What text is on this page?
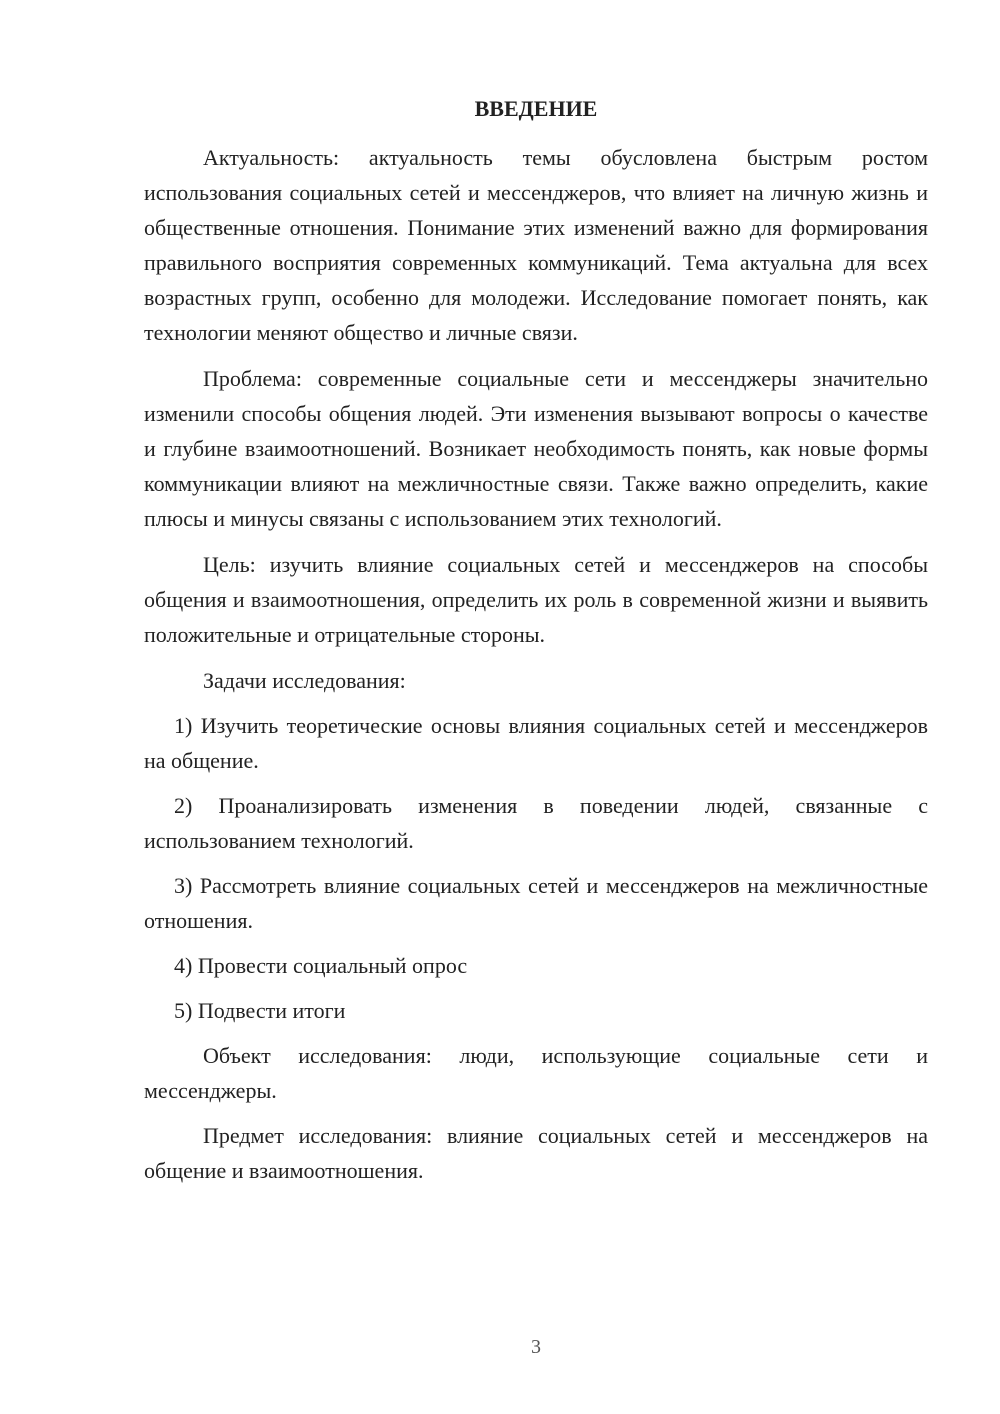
ВВЕДЕНИЕ

Актуальность: актуальность темы обусловлена быстрым ростом использования социальных сетей и мессенджеров, что влияет на личную жизнь и общественные отношения. Понимание этих изменений важно для формирования правильного восприятия современных коммуникаций. Тема актуальна для всех возрастных групп, особенно для молодежи. Исследование помогает понять, как технологии меняют общество и личные связи.

Проблема: современные социальные сети и мессенджеры значительно изменили способы общения людей. Эти изменения вызывают вопросы о качестве и глубине взаимоотношений. Возникает необходимость понять, как новые формы коммуникации влияют на межличностные связи. Также важно определить, какие плюсы и минусы связаны с использованием этих технологий.

Цель: изучить влияние социальных сетей и мессенджеров на способы общения и взаимоотношения, определить их роль в современной жизни и выявить положительные и отрицательные стороны.

Задачи исследования:

1) Изучить теоретические основы влияния социальных сетей и мессенджеров на общение.

2) Проанализировать изменения в поведении людей, связанные с использованием технологий.

3) Рассмотреть влияние социальных сетей и мессенджеров на межличностные отношения.

4) Провести социальный опрос

5) Подвести итоги

Объект исследования: люди, использующие социальные сети и мессенджеры.

Предмет исследования: влияние социальных сетей и мессенджеров на общение и взаимоотношения.

3
